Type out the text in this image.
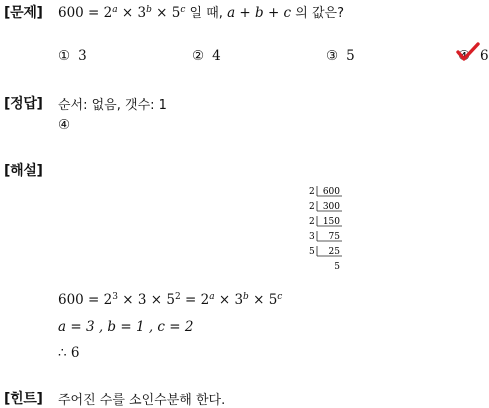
[문제] $600 = 2^a \times 3^b \times 5^c$ 일 때, a + b + c 의 값은?
① 3	② 4	③ 5	④ 6
[정답] 순서: 없음, 갯수: 1
④
[해설]
2 600
2 300
2 150
3 75
5 25
5
$600 = 2^3 \times 3 \times 5^2 = 2^a \times 3^b \times 5^c$
a = 3 , b = 1 , c = 2
∴ 6
[힌트] 주어진 수를 소인수분해 한다.
